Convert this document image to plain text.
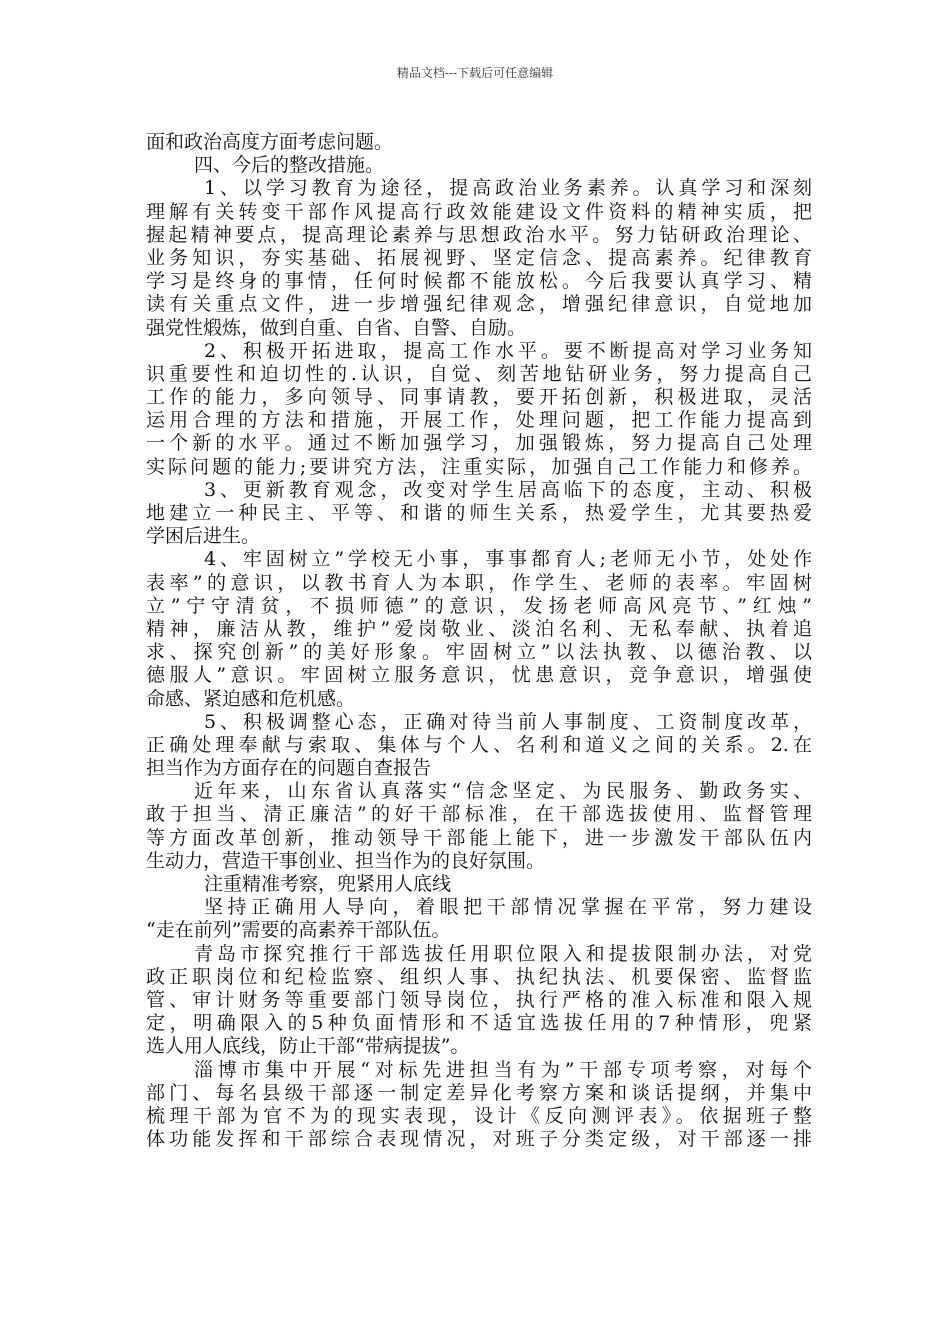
精品文档---下载后可任意编辑
面和政治高度方面考虑问题。
四、今后的整改措施。
1、以学习教育为途径，提高政治业务素养。认真学习和深刻
理解有关转变干部作风提高行政效能建设文件资料的精神实质，把
握起精神要点，提高理论素养与思想政治水平。努力钻研政治理论、
业务知识，夯实基础、拓展视野、坚定信念、提高素养。纪律教育
学习是终身的事情，任何时候都不能放松。今后我要认真学习、精
读有关重点文件，进一步增强纪律观念，增强纪律意识，自觉地加
强党性煅炼，做到自重、自省、自警、自励。
2、积极开拓进取，提高工作水平。要不断提高对学习业务知
识重要性和迫切性的.认识，自觉、刻苦地钻研业务，努力提高自己
工作的能力，多向领导、同事请教，要开拓创新，积极进取，灵活
运用合理的方法和措施，开展工作，处理问题，把工作能力提高到
一个新的水平。通过不断加强学习，加强锻炼，努力提高自己处理
实际问题的能力;要讲究方法，注重实际，加强自己工作能力和修养。
3、更新教育观念，改变对学生居高临下的态度，主动、积极
地建立一种民主、平等、和谐的师生关系，热爱学生，尤其要热爱
学困后进生。
4、牢固树立”学校无小事，事事都育人;老师无小节，处处作
表率”的意识，以教书育人为本职，作学生、老师的表率。牢固树
立”宁守清贫，不损师德”的意识，发扬老师高风亮节、”红烛”
精神，廉洁从教，维护”爱岗敬业、淡泊名利、无私奉献、执着追
求、探究创新”的美好形象。牢固树立”以法执教、以德治教、以
德服人”意识。牢固树立服务意识，忧患意识，竞争意识，增强使
命感、紧迫感和危机感。
5、积极调整心态，正确对待当前人事制度、工资制度改革，
正确处理奉献与索取、集体与个人、名利和道义之间的关系。2.在
担当作为方面存在的问题自查报告
近年来，山东省认真落实“信念坚定、为民服务、勤政务实、
敢于担当、清正廉洁”的好干部标准，在干部选拔使用、监督管理
等方面改革创新，推动领导干部能上能下，进一步激发干部队伍内
生动力，营造干事创业、担当作为的良好氛围。
注重精准考察，兜紧用人底线
坚持正确用人导向，着眼把干部情况掌握在平常，努力建设
“走在前列”需要的高素养干部队伍。
青岛市探究推行干部选拔任用职位限入和提拔限制办法，对党
政正职岗位和纪检监察、组织人事、执纪执法、机要保密、监督监
管、审计财务等重要部门领导岗位，执行严格的准入标准和限入规
定，明确限入的5种负面情形和不适宜选拔任用的7种情形，兜紧
选人用人底线，防止干部“带病提拔”。
淄博市集中开展“对标先进担当有为”干部专项考察，对每个
部门、每名县级干部逐一制定差异化考察方案和谈话提纲，并集中
梳理干部为官不为的现实表现，设计《反向测评表》。依据班子整
体功能发挥和干部综合表现情况，对班子分类定级，对干部逐一排
